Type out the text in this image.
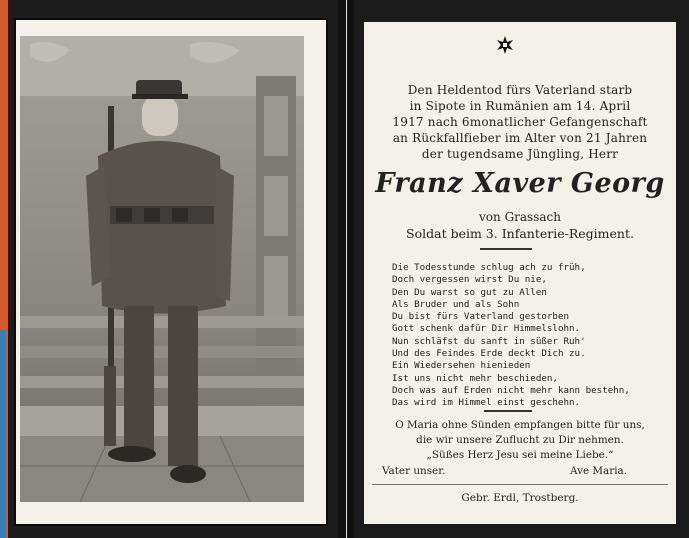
Den Heldentod fürs Vaterland starb
in Sipote in Rumänien am 14. April
1917 nach 6monatlicher Gefangenschaft
an Rückfallfieber im Alter von 21 Jahren
der tugendsame Jüngling, Herr
Franz Xaver Georg
von Grassach
Soldat beim 3. Infanterie-Regiment.
Die Todesstunde schlug ach zu früh,
Doch vergessen wirst Du nie,
Den Du warst so gut zu Allen
Als Bruder und als Sohn
Du bist fürs Vaterland gestorben
Gott schenk dafür Dir Himmelslohn.
Nun schläfst du sanft in süßer Ruh'
Und des Feindes Erde deckt Dich zu.
Ein Wiedersehen hienieden
Ist uns nicht mehr beschieden,
Doch was auf Erden nicht mehr kann bestehn,
Das wird im Himmel einst geschehn.
O Maria ohne Sünden empfangen bitte für uns,
die wir unsere Zuflucht zu Dir nehmen.
„Süßes Herz Jesu sei meine Liebe.“
Vater unser.	Ave Maria.
Gebr. Erdl, Trostberg.
